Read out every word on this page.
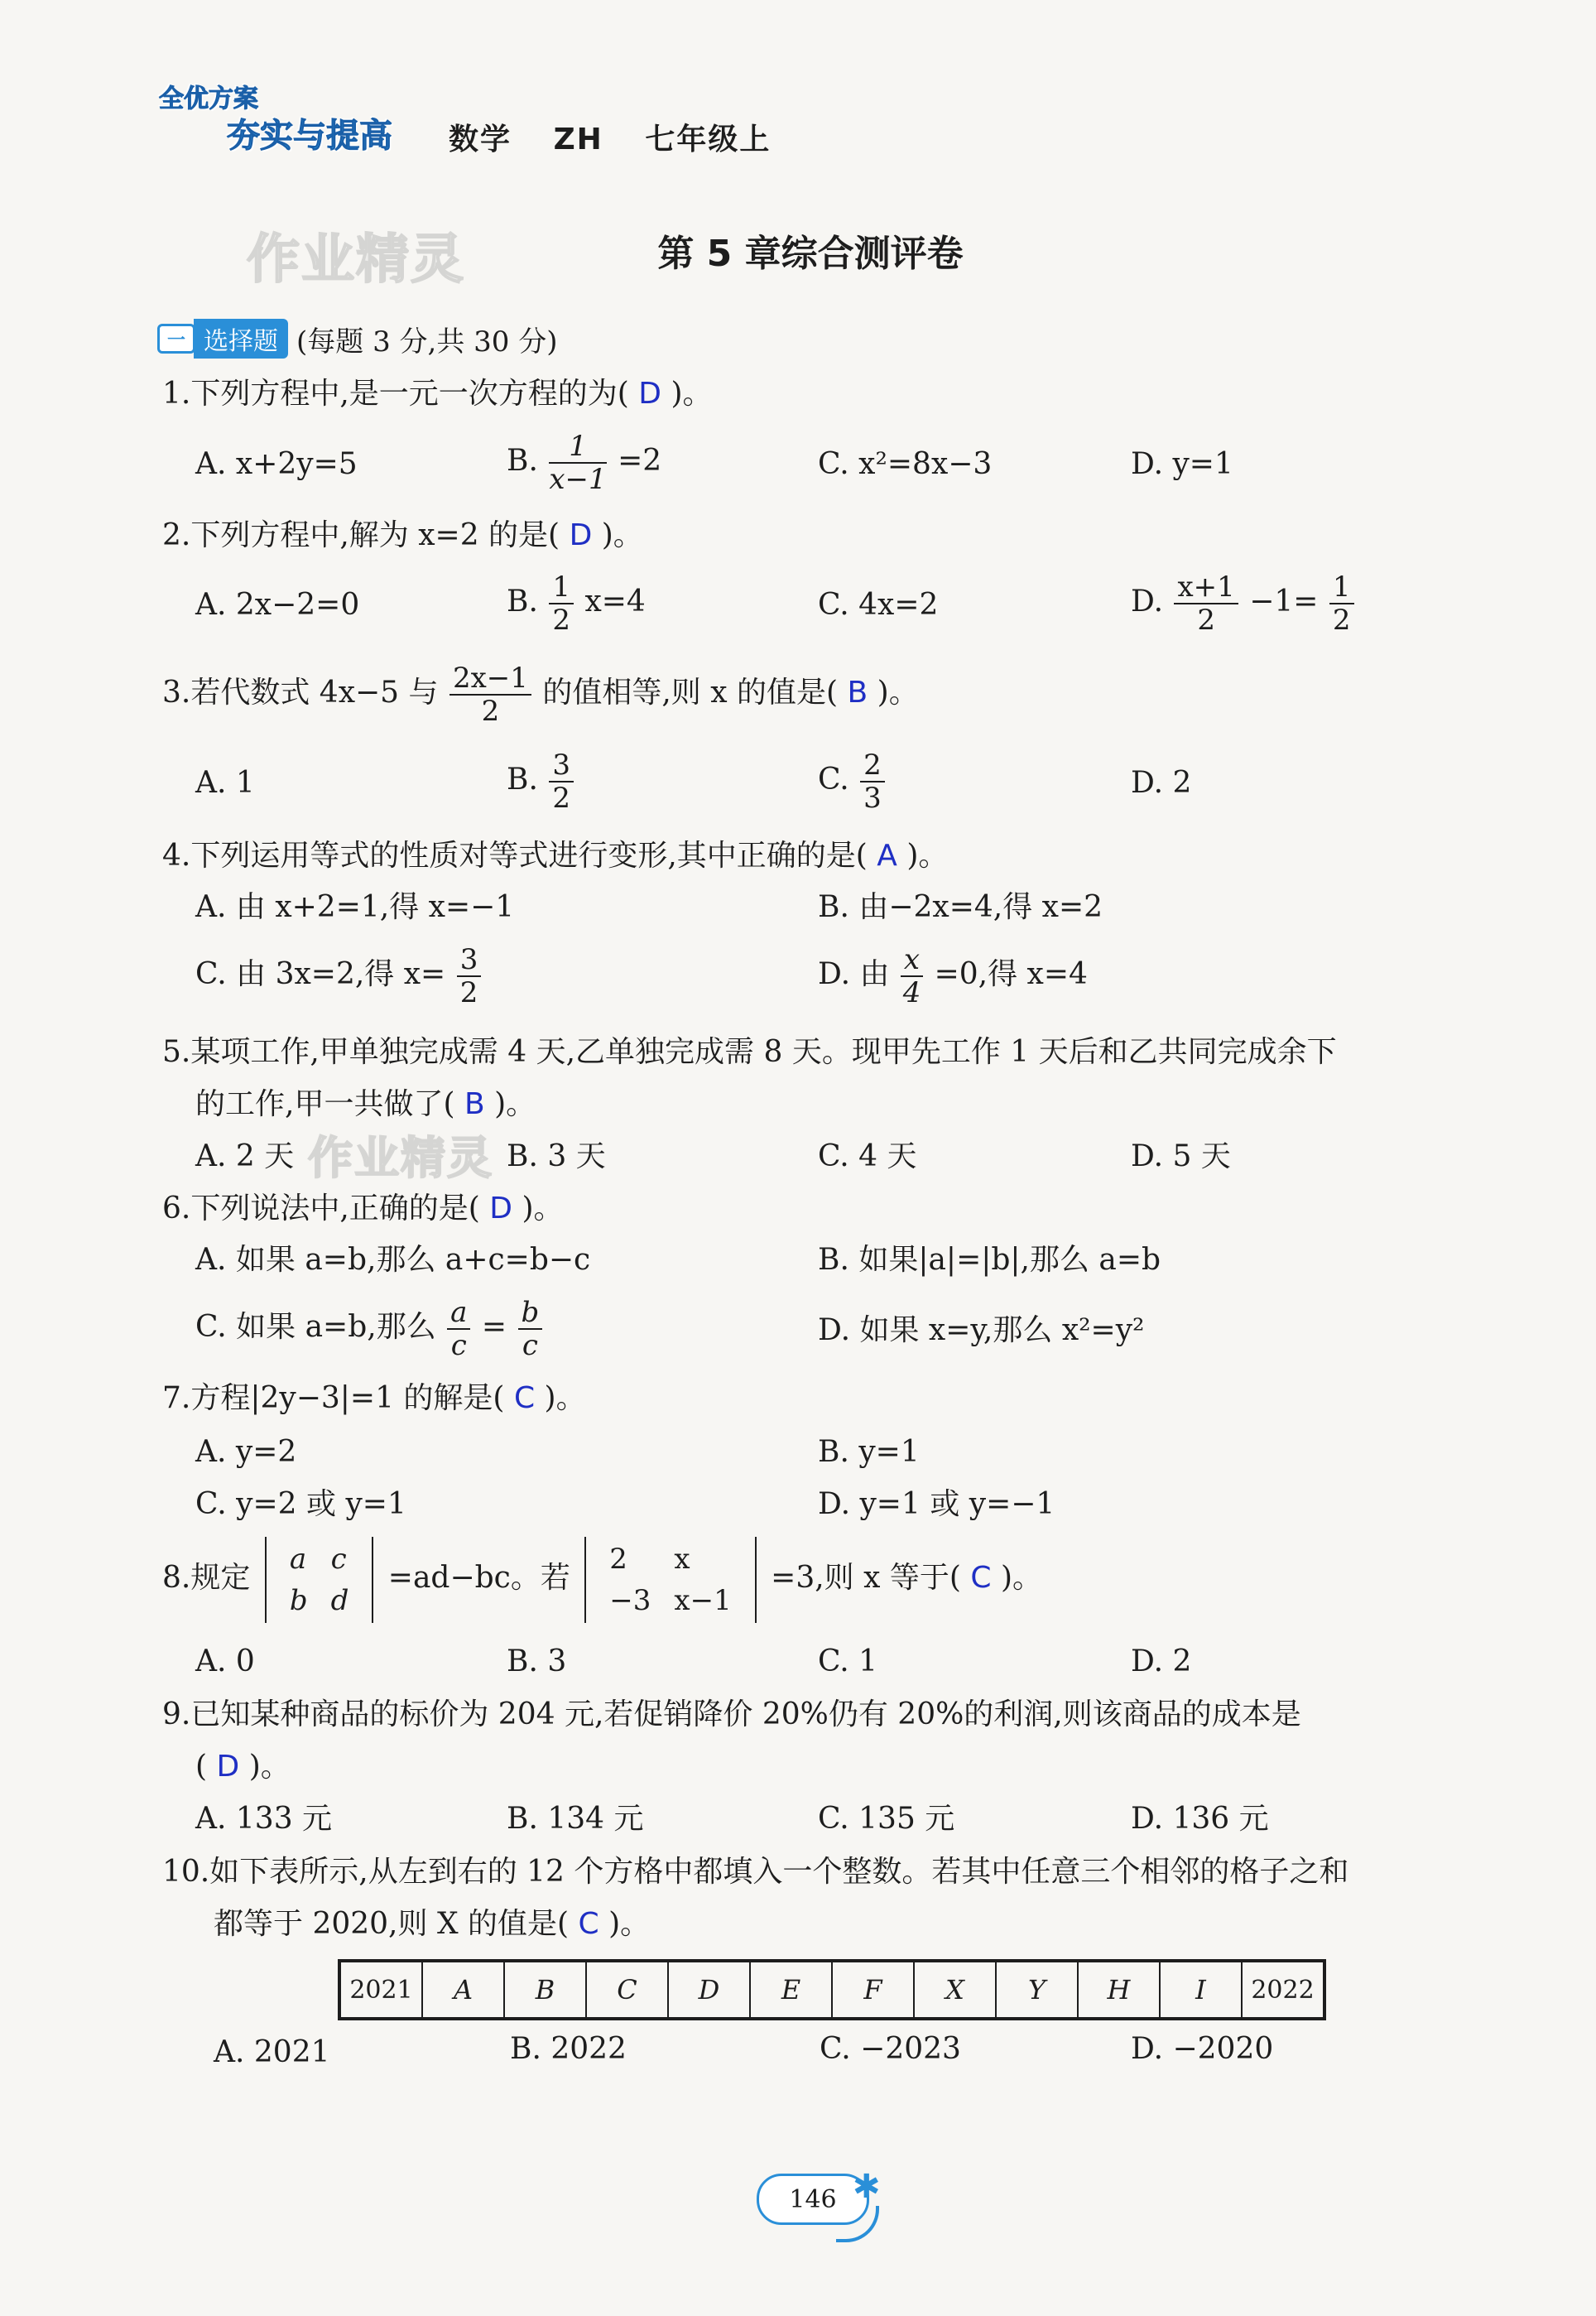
全优方案
夯实与提高 数学 ZH 七年级上
作业精灵
作业精灵
第 5 章综合测评卷
一 选择题 (每题 3 分,共 30 分)
1.下列方程中,是一元一次方程的为( D )。
A. x+2y=5	B. $\frac{1}{x-1} =2$	C. x²=8x−3	D. y=1
2.下列方程中,解为 x=2 的是( D )。
A. 2x−2=0	B. $\frac{1}{2} x=4$	C. 4x=2	D. $\frac{x+1}{2} -1= \frac{1}{2}$
3.若代数式 4x−5 与 $\frac{2x-1}{2}$ 的值相等,则 x 的值是( B )。
A. 1	B. $\frac{3}{2}$	C. $\frac{2}{3}$	D. 2
4.下列运用等式的性质对等式进行变形,其中正确的是( A )。
A. 由 x+2=1,得 x=−1	B. 由−2x=4,得 x=2
C. 由 3x=2,得 $x= \frac{3}{2}$	D. 由 $\frac{x}{4} =0$,得 x=4
5.某项工作,甲单独完成需 4 天,乙单独完成需 8 天。现甲先工作 1 天后和乙共同完成余下
的工作,甲一共做了( B )。
A. 2 天	B. 3 天	C. 4 天	D. 5 天
6.下列说法中,正确的是( D )。
A. 如果 a=b,那么 a+c=b−c	B. 如果|a|=|b|,那么 a=b
C. 如果 a=b,那么 $\frac{a}{c} = \frac{b}{c}$	D. 如果 x=y,那么 x²=y²
7.方程|2y−3|=1 的解是( C )。
A. y=2	B. y=1
C. y=2 或 y=1	D. y=1 或 y=−1
8.规定
a	c
b	d
=ad−bc。若
2	x
−3	x−1
=3,则 x 等于( C )。
A. 0	B. 3	C. 1	D. 2
9.已知某种商品的标价为 204 元,若促销降价 20%仍有 20%的利润,则该商品的成本是
( D )。
A. 133 元	B. 134 元	C. 135 元	D. 136 元
10.如下表所示,从左到右的 12 个方格中都填入一个整数。若其中任意三个相邻的格子之和
都等于 2020,则 X 的值是( C )。
2021	A	B	C	D	E	F	X	Y	H	I	2022
A. 2021	B. 2022	C. −2023	D. −2020
146 ✱
